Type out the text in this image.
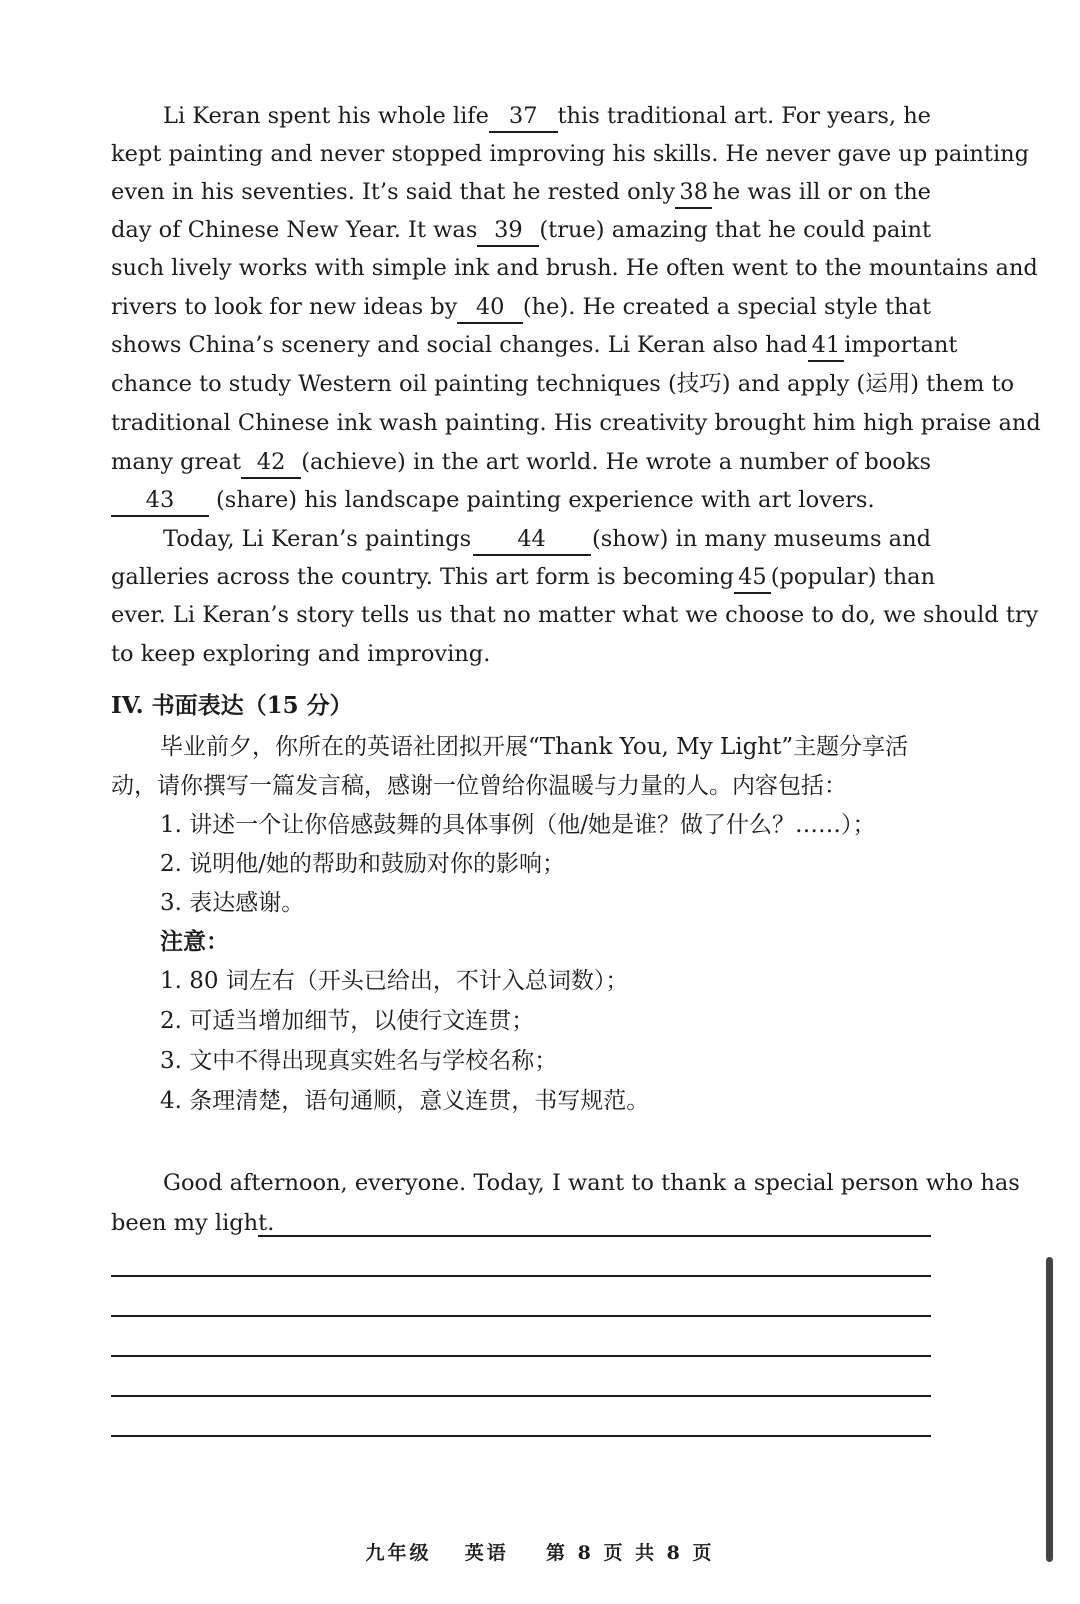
Li Keran spent his whole life 37 this traditional art. For years, he
kept painting and never stopped improving his skills. He never gave up painting
even in his seventies. It’s said that he rested only 38 he was ill or on the
day of Chinese New Year. It was 39 (true) amazing that he could paint
such lively works with simple ink and brush. He often went to the mountains and
rivers to look for new ideas by 40 (he). He created a special style that
shows China’s scenery and social changes. Li Keran also had 41 important
chance to study Western oil painting techniques (技巧) and apply (运用) them to
traditional Chinese ink wash painting. His creativity brought him high praise and
many great 42 (achieve) in the art world. He wrote a number of books
43	(share) his landscape painting experience with art lovers.
Today, Li Keran’s paintings	44	(show) in many museums and
galleries across the country. This art form is becoming 45 (popular) than
ever. Li Keran’s story tells us that no matter what we choose to do, we should try
to keep exploring and improving.
IV. 书面表达（15 分）
毕业前夕，你所在的英语社团拟开展“Thank You, My Light”主题分享活
动，请你撰写一篇发言稿，感谢一位曾给你温暖与力量的人。内容包括：
1. 讲述一个让你倍感鼓舞的具体事例（他/她是谁？做了什么？……）；
2. 说明他/她的帮助和鼓励对你的影响；
3. 表达感谢。
注意：
1. 80 词左右（开头已给出，不计入总词数）；
2. 可适当增加细节，以使行文连贯；
3. 文中不得出现真实姓名与学校名称；
4. 条理清楚，语句通顺，意义连贯，书写规范。
Good afternoon, everyone. Today, I want to thank a special person who has
been my light.
九年级 英语 第 8 页 共 8 页
